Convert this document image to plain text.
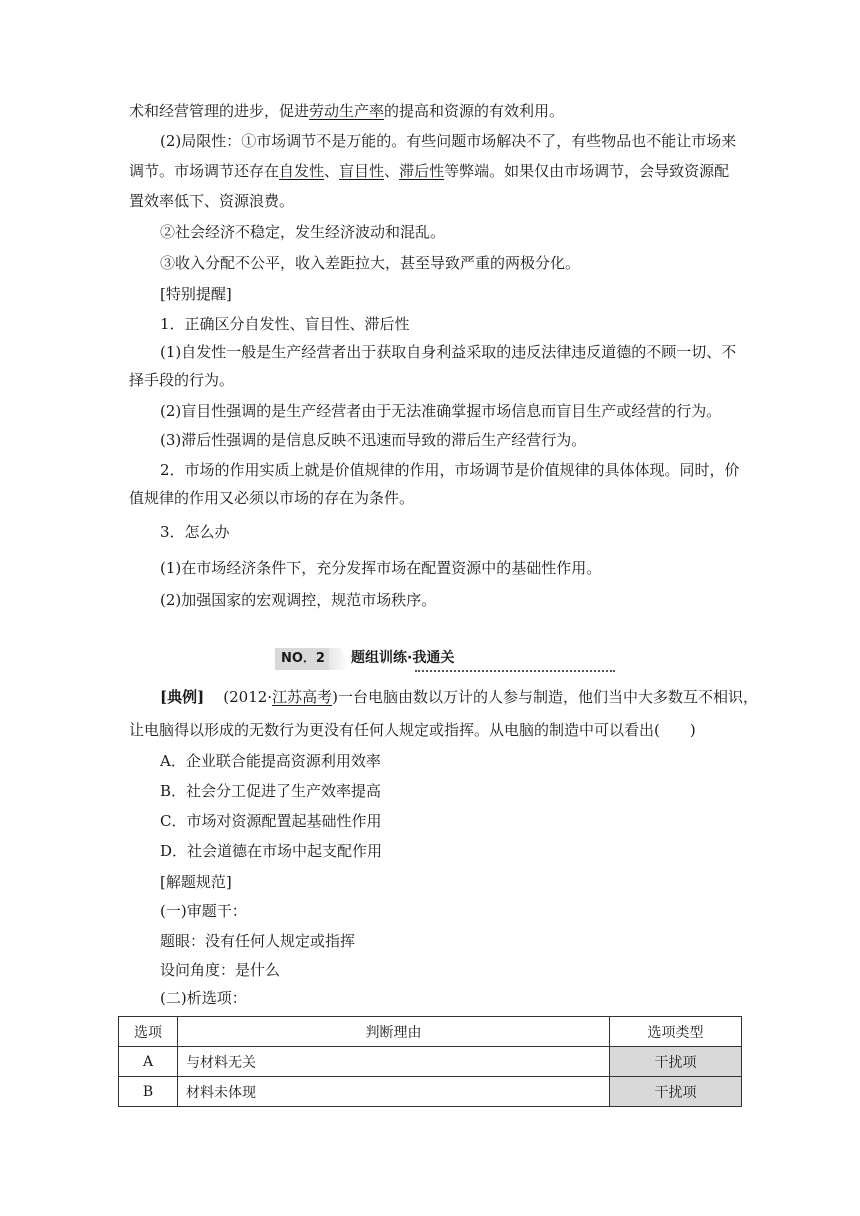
术和经营管理的进步，促进劳动生产率的提高和资源的有效利用。
(2)局限性：①市场调节不是万能的。有些问题市场解决不了，有些物品也不能让市场来
调节。市场调节还存在自发性、盲目性、滞后性等弊端。如果仅由市场调节，会导致资源配
置效率低下、资源浪费。
②社会经济不稳定，发生经济波动和混乱。
③收入分配不公平，收入差距拉大，甚至导致严重的两极分化。
[特别提醒]
1．正确区分自发性、盲目性、滞后性
(1)自发性一般是生产经营者出于获取自身利益采取的违反法律违反道德的不顾一切、不
择手段的行为。
(2)盲目性强调的是生产经营者由于无法准确掌握市场信息而盲目生产或经营的行为。
(3)滞后性强调的是信息反映不迅速而导致的滞后生产经营行为。
2．市场的作用实质上就是价值规律的作用，市场调节是价值规律的具体体现。同时，价
值规律的作用又必须以市场的存在为条件。
3．怎么办
(1)在市场经济条件下，充分发挥市场在配置资源中的基础性作用。
(2)加强国家的宏观调控，规范市场秩序。
NO．2 题组训练·我通关
[典例] (2012·江苏高考)一台电脑由数以万计的人参与制造，他们当中大多数互不相识，
让电脑得以形成的无数行为更没有任何人规定或指挥。从电脑的制造中可以看出(　　)
A．企业联合能提高资源利用效率
B．社会分工促进了生产效率提高
C．市场对资源配置起基础性作用
D．社会道德在市场中起支配作用
[解题规范]
(一)审题干：
题眼：没有任何人规定或指挥
设问角度：是什么
(二)析选项：
选项	判断理由	选项类型
A	与材料无关	干扰项
B	材料未体现	干扰项
